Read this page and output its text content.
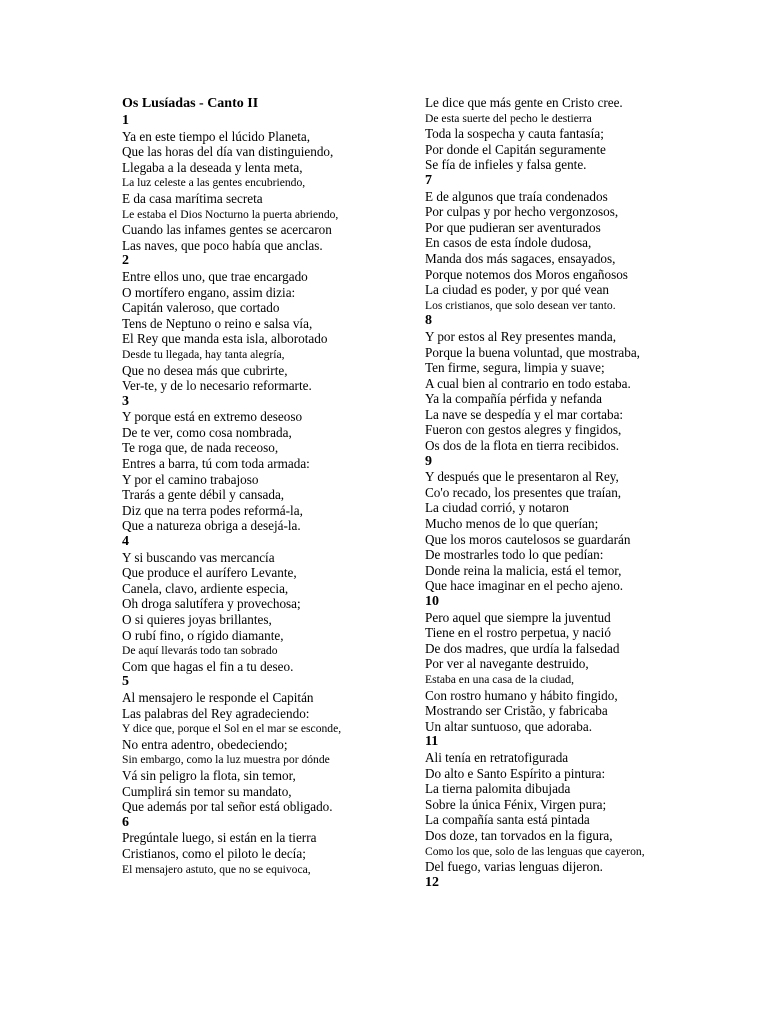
Os Lusíadas - Canto II
1
Ya en este tiempo el lúcido Planeta,
Que las horas del día van distinguiendo,
Llegaba a la deseada y lenta meta,
La luz celeste a las gentes encubriendo,
E da casa marítima secreta
Le estaba el Dios Nocturno la puerta abriendo,
Cuando las infames gentes se acercaron
Las naves, que poco había que anclas.
2
Entre ellos uno, que trae encargado
O mortífero engano, assim dizia:
Capitán valeroso, que cortado
Tens de Neptuno o reino e salsa vía,
El Rey que manda esta isla, alborotado
Desde tu llegada, hay tanta alegría,
Que no desea más que cubrirte,
Ver-te, y de lo necesario reformarte.
3
Y porque está en extremo deseoso
De te ver, como cosa nombrada,
Te roga que, de nada receoso,
Entres a barra, tú com toda armada:
Y por el camino trabajoso
Trarás a gente débil y cansada,
Diz que na terra podes reformá-la,
Que a natureza obriga a desejá-la.
4
Y si buscando vas mercancía
Que produce el aurífero Levante,
Canela, clavo, ardiente especia,
Oh droga salutífera y provechosa;
O si quieres joyas brillantes,
O rubí fino, o rígido diamante,
De aquí llevarás todo tan sobrado
Com que hagas el fin a tu deseo.
5
Al mensajero le responde el Capitán
Las palabras del Rey agradeciendo:
Y dice que, porque el Sol en el mar se esconde,
No entra adentro, obedeciendo;
Sin embargo, como la luz muestra por dónde
Vá sin peligro la flota, sin temor,
Cumplirá sin temor su mandato,
Que además por tal señor está obligado.
6
Pregúntale luego, si están en la tierra
Cristianos, como el piloto le decía;
El mensajero astuto, que no se equivoca,
Le dice que más gente en Cristo cree.
De esta suerte del pecho le destierra
Toda la sospecha y cauta fantasía;
Por donde el Capitán seguramente
Se fía de infieles y falsa gente.
7
E de algunos que traía condenados
Por culpas y por hecho vergonzosos,
Por que pudieran ser aventurados
En casos de esta índole dudosa,
Manda dos más sagaces, ensayados,
Porque notemos dos Moros engañosos
La ciudad es poder, y por qué vean
Los cristianos, que solo desean ver tanto.
8
Y por estos al Rey presentes manda,
Porque la buena voluntad, que mostraba,
Ten firme, segura, limpia y suave;
A cual bien al contrario en todo estaba.
Ya la compañía pérfida y nefanda
La nave se despedía y el mar cortaba:
Fueron con gestos alegres y fingidos,
Os dos de la flota en tierra recibidos.
9
Y después que le presentaron al Rey,
Co'o recado, los presentes que traían,
La ciudad corrió, y notaron
Mucho menos de lo que querían;
Que los moros cautelosos se guardarán
De mostrarles todo lo que pedían:
Donde reina la malicia, está el temor,
Que hace imaginar en el pecho ajeno.
10
Pero aquel que siempre la juventud
Tiene en el rostro perpetua, y nació
De dos madres, que urdía la falsedad
Por ver al navegante destruido,
Estaba en una casa de la ciudad,
Con rostro humano y hábito fingido,
Mostrando ser Cristão, y fabricaba
Un altar suntuoso, que adoraba.
11
Ali tenía en retratofigurada
Do alto e Santo Espírito a pintura:
La tierna palomita dibujada
Sobre la única Fénix, Virgen pura;
La compañía santa está pintada
Dos doze, tan torvados en la figura,
Como los que, solo de las lenguas que cayeron,
Del fuego, varias lenguas dijeron.
12
